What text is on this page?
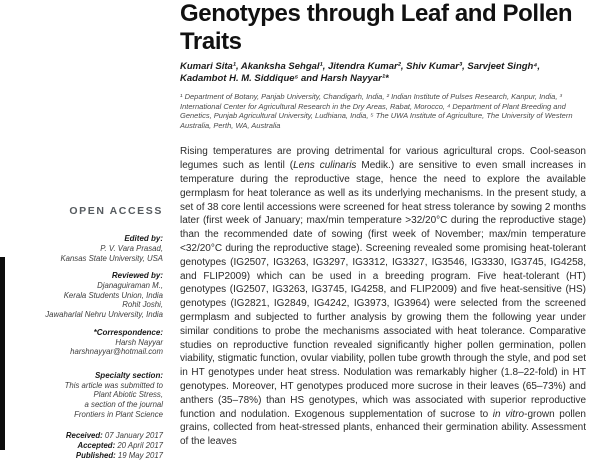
OPEN ACCESS
Edited by:
P. V. Vara Prasad,
Kansas State University, USA
Reviewed by:
Djanaguiraman M.,
Kerala Students Union, India
Rohit Joshi,
Jawaharlal Nehru University, India
*Correspondence:
Harsh Nayyar
harshnayyar@hotmail.com
Specialty section:
This article was submitted to
Plant Abiotic Stress,
a section of the journal
Frontiers in Plant Science
Received: 07 January 2017
Accepted: 20 April 2017
Published: 19 May 2017
Genotypes through Leaf and Pollen Traits
Kumari Sita¹, Akanksha Sehgal¹, Jitendra Kumar², Shiv Kumar³, Sarvjeet Singh⁴, Kadambot H. M. Siddique⁵ and Harsh Nayyar¹*
¹ Department of Botany, Panjab University, Chandigarh, India, ² Indian Institute of Pulses Research, Kanpur, India, ³ International Center for Agricultural Research in the Dry Areas, Rabat, Morocco, ⁴ Department of Plant Breeding and Genetics, Punjab Agricultural University, Ludhiana, India, ⁵ The UWA Institute of Agriculture, The University of Western Australia, Perth, WA, Australia
Rising temperatures are proving detrimental for various agricultural crops. Cool-season legumes such as lentil (Lens culinaris Medik.) are sensitive to even small increases in temperature during the reproductive stage, hence the need to explore the available germplasm for heat tolerance as well as its underlying mechanisms. In the present study, a set of 38 core lentil accessions were screened for heat stress tolerance by sowing 2 months later (first week of January; max/min temperature >32/20°C during the reproductive stage) than the recommended date of sowing (first week of November; max/min temperature <32/20°C during the reproductive stage). Screening revealed some promising heat-tolerant genotypes (IG2507, IG3263, IG3297, IG3312, IG3327, IG3546, IG3330, IG3745, IG4258, and FLIP2009) which can be used in a breeding program. Five heat-tolerant (HT) genotypes (IG2507, IG3263, IG3745, IG4258, and FLIP2009) and five heat-sensitive (HS) genotypes (IG2821, IG2849, IG4242, IG3973, IG3964) were selected from the screened germplasm and subjected to further analysis by growing them the following year under similar conditions to probe the mechanisms associated with heat tolerance. Comparative studies on reproductive function revealed significantly higher pollen germination, pollen viability, stigmatic function, ovular viability, pollen tube growth through the style, and pod set in HT genotypes under heat stress. Nodulation was remarkably higher (1.8–22-fold) in HT genotypes. Moreover, HT genotypes produced more sucrose in their leaves (65–73%) and anthers (35–78%) than HS genotypes, which was associated with superior reproductive function and nodulation. Exogenous supplementation of sucrose to in vitro-grown pollen grains, collected from heat-stressed plants, enhanced their germination ability. Assessment of the leaves
